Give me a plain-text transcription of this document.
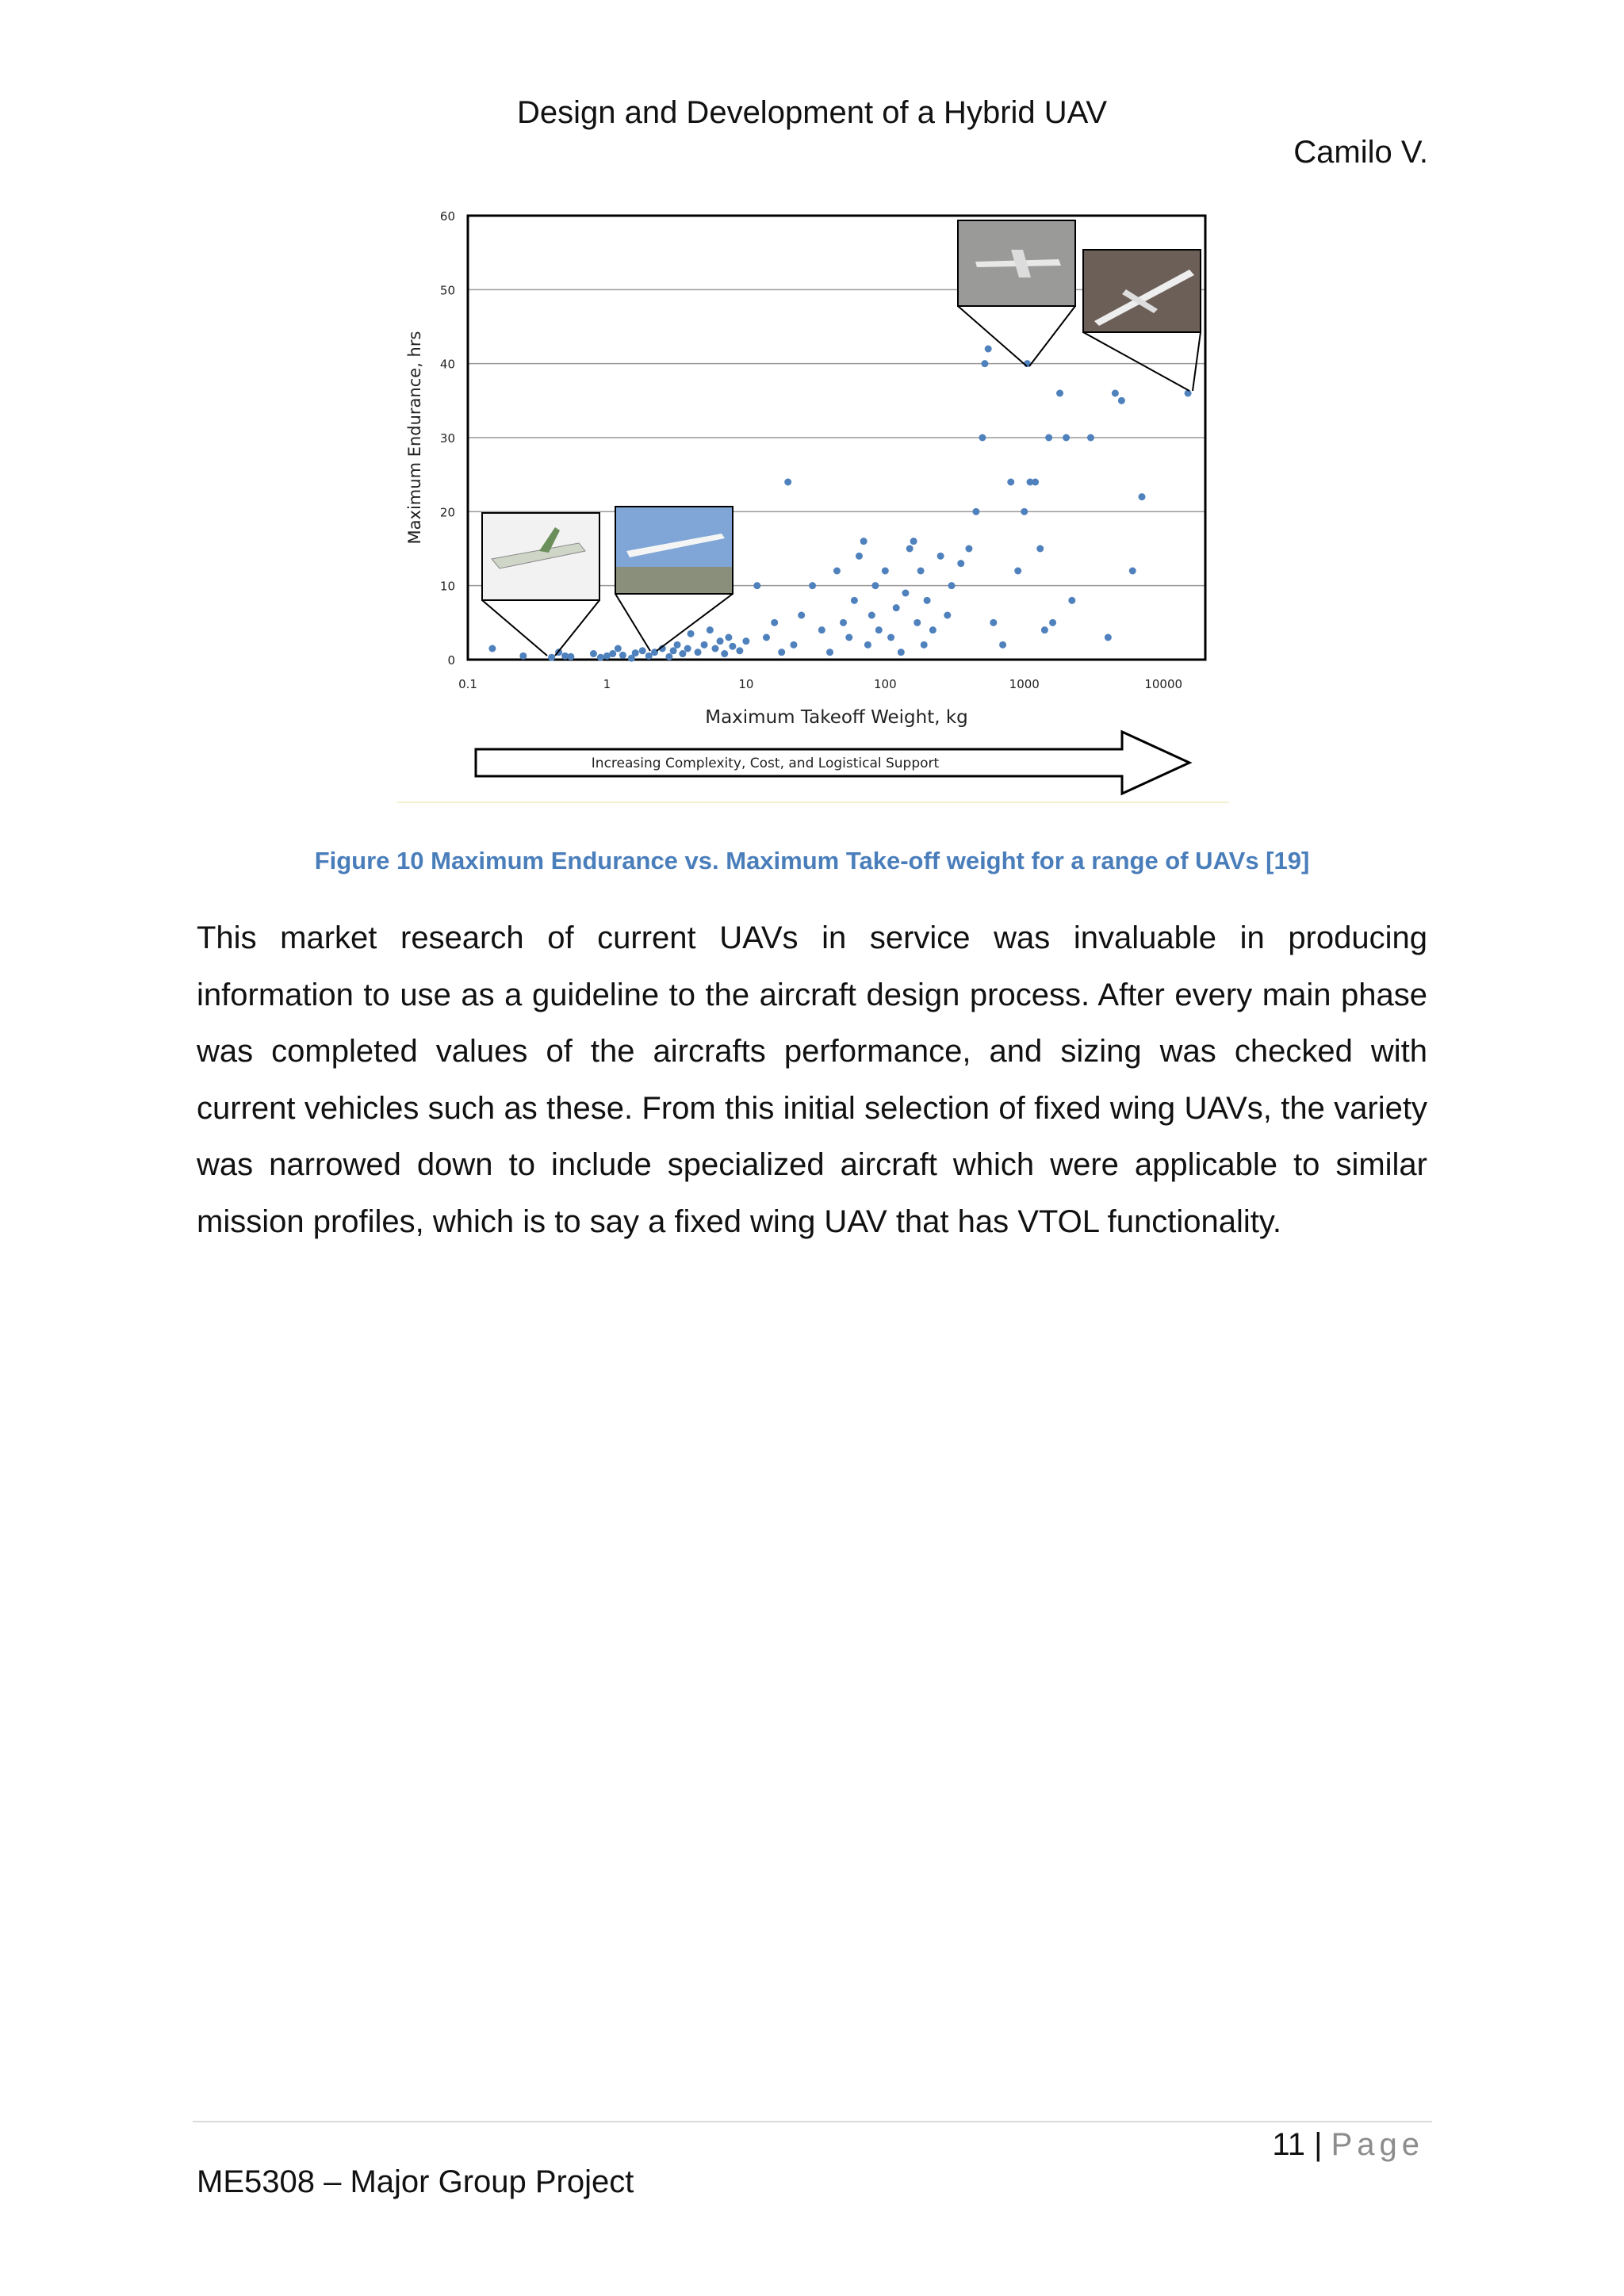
Design and Development of a Hybrid UAV
Camilo V.
0
10
20
30
40
50
60
0.1	1	10	100	1000	10000
Maximum Takeoff Weight, kg
Maximum Endurance, hrs
Increasing Complexity, Cost, and Logistical Support
Figure 10 Maximum Endurance vs. Maximum Take-off weight for a range of UAVs [19]

This market research of current UAVs in service was invaluable in producing information to use as a guideline to the aircraft design process. After every main phase was completed values of the aircrafts performance, and sizing was checked with current vehicles such as these. From this initial selection of fixed wing UAVs, the variety was narrowed down to include specialized aircraft which were applicable to similar mission profiles, which is to say a fixed wing UAV that has VTOL functionality.

11 | Page
ME5308 – Major Group Project
